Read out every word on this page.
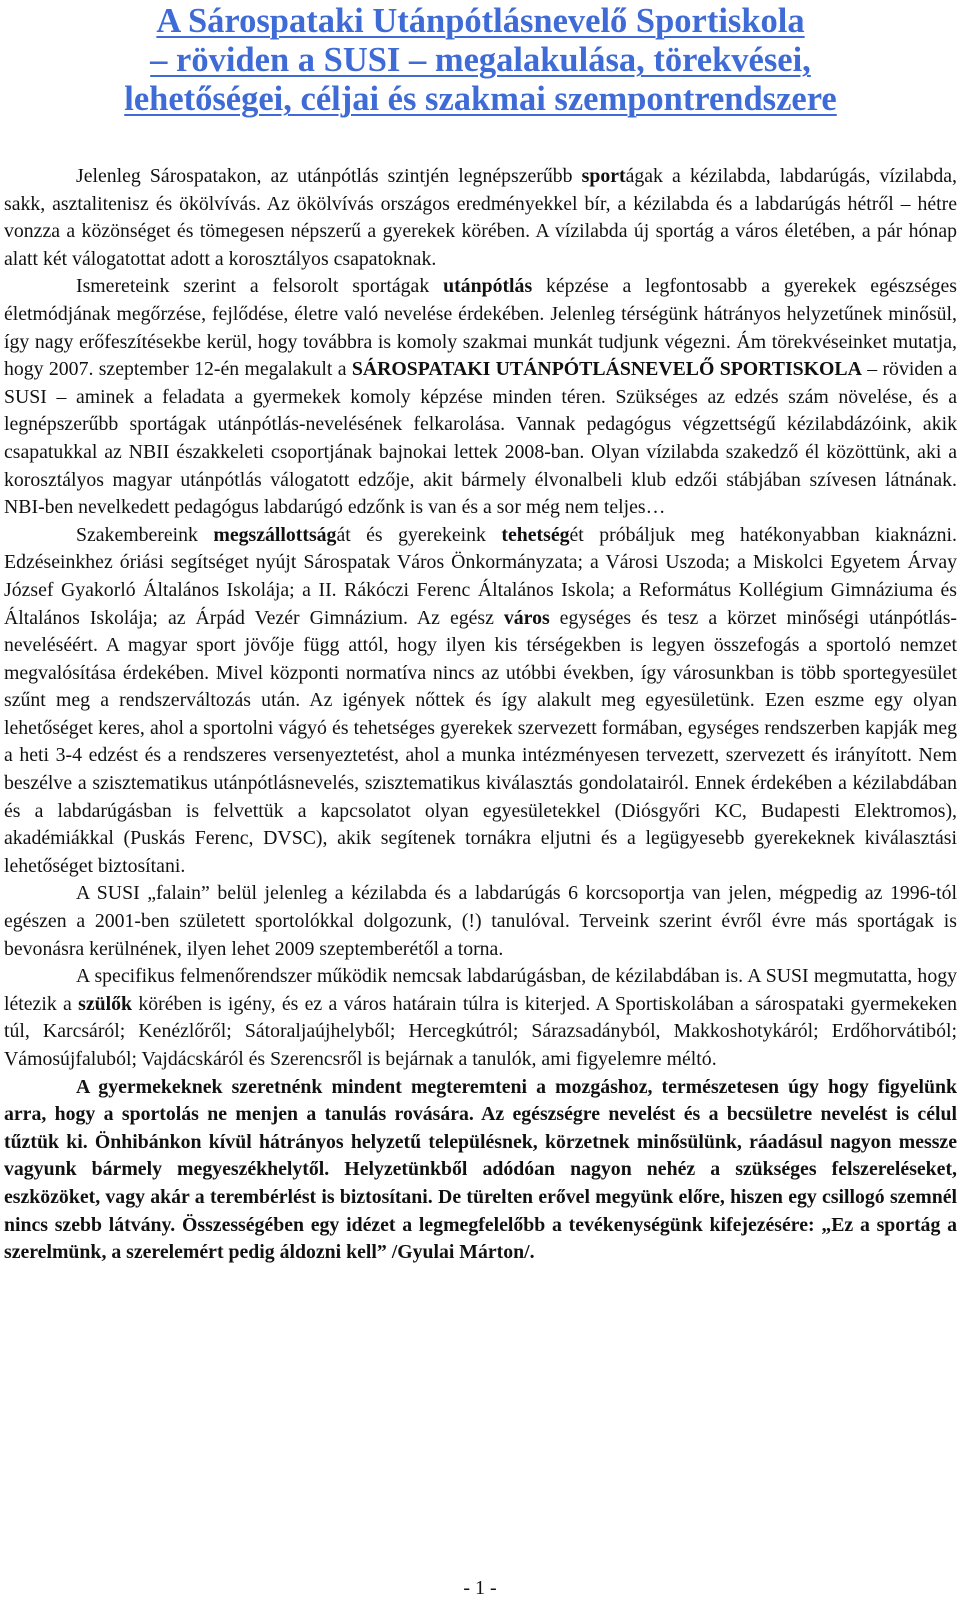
A Sárospataki Utánpótlásnevelő Sportiskola
– röviden a SUSI – megalakulása, törekvései,
lehetőségei, céljai és szakmai szempontrendszere

Jelenleg Sárospatakon, az utánpótlás szintjén legnépszerűbb sportágak a kézilabda, labdarúgás, vízilabda, sakk, asztalitenisz és ökölvívás. Az ökölvívás országos eredményekkel bír, a kézilabda és a labdarúgás hétről – hétre vonzza a közönséget és tömegesen népszerű a gyerekek körében. A vízilabda új sportág a város életében, a pár hónap alatt két válogatottat adott a korosztályos csapatoknak.

Ismereteink szerint a felsorolt sportágak utánpótlás képzése a legfontosabb a gyerekek egészséges életmódjának megőrzése, fejlődése, életre való nevelése érdekében. Jelenleg térségünk hátrányos helyzetűnek minősül, így nagy erőfeszítésekbe kerül, hogy továbbra is komoly szakmai munkát tudjunk végezni. Ám törekvéseinket mutatja, hogy 2007. szeptember 12-én megalakult a SÁROSPATAKI UTÁNPÓTLÁSNEVELŐ SPORTISKOLA – röviden a SUSI – aminek a feladata a gyermekek komoly képzése minden téren. Szükséges az edzés szám növelése, és a legnépszerűbb sportágak utánpótlás-nevelésének felkarolása. Vannak pedagógus végzettségű kézilabdázóink, akik csapatukkal az NBII északkeleti csoportjának bajnokai lettek 2008-ban. Olyan vízilabda szakedző él közöttünk, aki a korosztályos magyar utánpótlás válogatott edzője, akit bármely élvonalbeli klub edzői stábjában szívesen látnának. NBI-ben nevelkedett pedagógus labdarúgó edzőnk is van és a sor még nem teljes…

Szakembereink megszállottságát és gyerekeink tehetségét próbáljuk meg hatékonyabban kiaknázni. Edzéseinkhez óriási segítséget nyújt Sárospatak Város Önkormányzata; a Városi Uszoda; a Miskolci Egyetem Árvay József Gyakorló Általános Iskolája; a II. Rákóczi Ferenc Általános Iskola; a Református Kollégium Gimnáziuma és Általános Iskolája; az Árpád Vezér Gimnázium. Az egész város egységes és tesz a körzet minőségi utánpótlás-neveléséért. A magyar sport jövője függ attól, hogy ilyen kis térségekben is legyen összefogás a sportoló nemzet megvalósítása érdekében. Mivel központi normatíva nincs az utóbbi években, így városunkban is több sportegyesület szűnt meg a rendszerváltozás után. Az igények nőttek és így alakult meg egyesületünk. Ezen eszme egy olyan lehetőséget keres, ahol a sportolni vágyó és tehetséges gyerekek szervezett formában, egységes rendszerben kapják meg a heti 3-4 edzést és a rendszeres versenyeztetést, ahol a munka intézményesen tervezett, szervezett és irányított. Nem beszélve a szisztematikus utánpótlásnevelés, szisztematikus kiválasztás gondolatairól. Ennek érdekében a kézilabdában és a labdarúgásban is felvettük a kapcsolatot olyan egyesületekkel (Diósgyőri KC, Budapesti Elektromos), akadémiákkal (Puskás Ferenc, DVSC), akik segítenek tornákra eljutni és a legügyesebb gyerekeknek kiválasztási lehetőséget biztosítani.

A SUSI „falain” belül jelenleg a kézilabda és a labdarúgás 6 korcsoportja van jelen, mégpedig az 1996-tól egészen a 2001-ben született sportolókkal dolgozunk, (!) tanulóval. Terveink szerint évről évre más sportágak is bevonásra kerülnének, ilyen lehet 2009 szeptemberétől a torna.

A specifikus felmenőrendszer működik nemcsak labdarúgásban, de kézilabdában is. A SUSI megmutatta, hogy létezik a szülők körében is igény, és ez a város határain túlra is kiterjed. A Sportiskolában a sárospataki gyermekeken túl, Karcsáról; Kenézlőről; Sátoraljaújhelyből; Hercegkútról; Sárazsadányból, Makkoshotykáról; Erdőhorvátiból; Vámosújfaluból; Vajdácskáról és Szerencsről is bejárnak a tanulók, ami figyelemre méltó.

A gyermekeknek szeretnénk mindent megteremteni a mozgáshoz, természetesen úgy hogy figyelünk arra, hogy a sportolás ne menjen a tanulás rovására. Az egészségre nevelést és a becsületre nevelést is célul tűztük ki. Önhibánkon kívül hátrányos helyzetű településnek, körzetnek minősülünk, ráadásul nagyon messze vagyunk bármely megyeszékhelytől. Helyzetünkből adódóan nagyon nehéz a szükséges felszereléseket, eszközöket, vagy akár a terembérlést is biztosítani. De türelten erővel megyünk előre, hiszen egy csillogó szemnél nincs szebb látvány. Összességében egy idézet a legmegfelelőbb a tevékenységünk kifejezésére: „Ez a sportág a szerelmünk, a szerelemért pedig áldozni kell” /Gyulai Márton/.

- 1 -
